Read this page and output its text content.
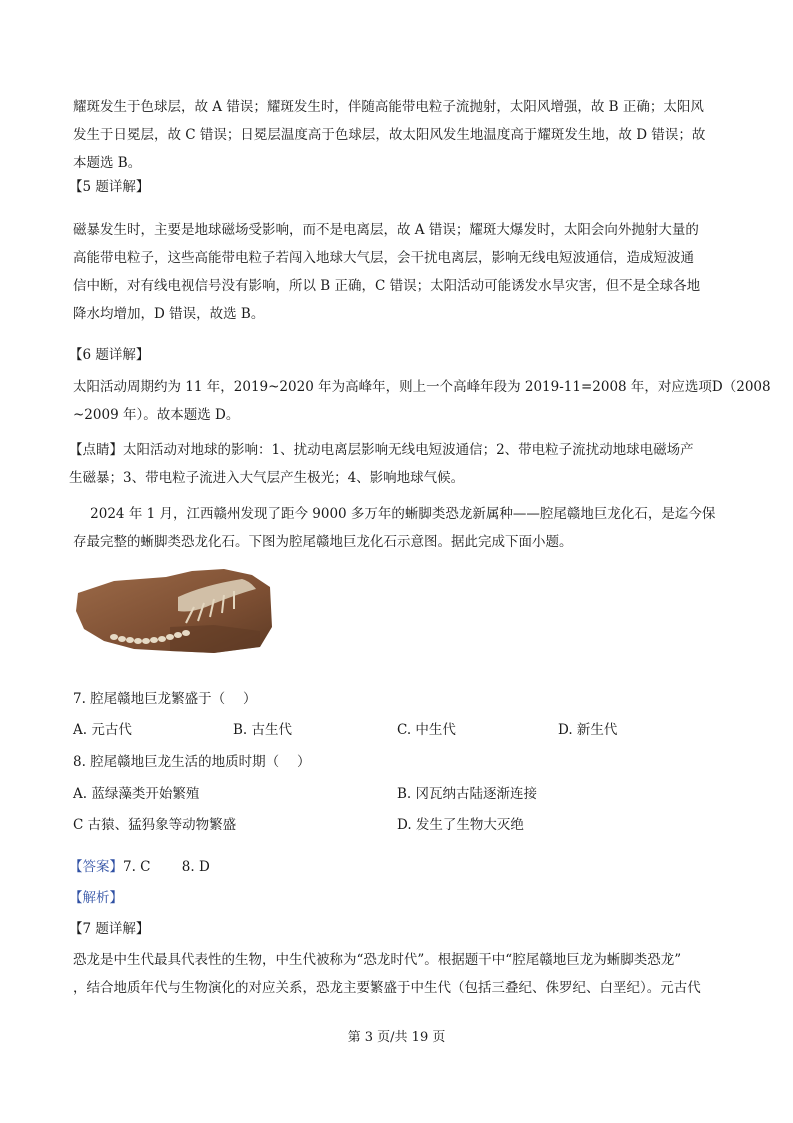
耀斑发生于色球层，故 A 错误；耀斑发生时，伴随高能带电粒子流抛射，太阳风增强，故 B 正确；太阳风
发生于日冕层，故 C 错误；日冕层温度高于色球层，故太阳风发生地温度高于耀斑发生地，故 D 错误；故
本题选 B。

【5 题详解】

磁暴发生时，主要是地球磁场受影响，而不是电离层，故 A 错误；耀斑大爆发时，太阳会向外抛射大量的
高能带电粒子，这些高能带电粒子若闯入地球大气层，会干扰电离层，影响无线电短波通信，造成短波通
信中断，对有线电视信号没有影响，所以 B 正确，C 错误；太阳活动可能诱发水旱灾害，但不是全球各地
降水均增加，D 错误，故选 B。

【6 题详解】

太阳活动周期约为 11 年，2019~2020 年为高峰年，则上一个高峰年段为 2019-11=2008 年，对应选项D（2008
~2009 年）。故本题选 D。

【点睛】太阳活动对地球的影响：1、扰动电离层影响无线电短波通信；2、带电粒子流扰动地球电磁场产
生磁暴；3、带电粒子流进入大气层产生极光；4、影响地球气候。

2024 年 1 月，江西赣州发现了距今 9000 多万年的蜥脚类恐龙新属种——腔尾赣地巨龙化石，是迄今保
存最完整的蜥脚类恐龙化石。下图为腔尾赣地巨龙化石示意图。据此完成下面小题。

7. 腔尾赣地巨龙繁盛于（　 ）
A. 元古代	B. 古生代	C. 中生代	D. 新生代
8. 腔尾赣地巨龙生活的地质时期（　 ）
A. 蓝绿藻类开始繁殖	B. 冈瓦纳古陆逐渐连接
C 古猿、猛犸象等动物繁盛	D. 发生了生物大灭绝
【答案】7. C　　 8. D
【解析】
【7 题详解】

恐龙是中生代最具代表性的生物，中生代被称为“恐龙时代”。根据题干中“腔尾赣地巨龙为蜥脚类恐龙”
，结合地质年代与生物演化的对应关系，恐龙主要繁盛于中生代（包括三叠纪、侏罗纪、白垩纪）。元古代

第 3 页/共 19 页
